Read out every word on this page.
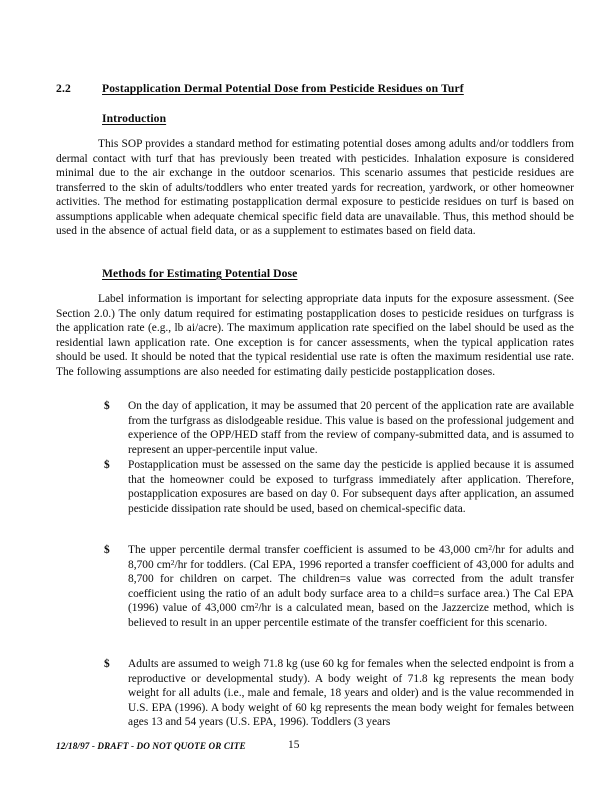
2.2	Postapplication Dermal Potential Dose from Pesticide Residues on Turf
Introduction
This SOP provides a standard method for estimating potential doses among adults and/or toddlers from dermal contact with turf that has previously been treated with pesticides. Inhalation exposure is considered minimal due to the air exchange in the outdoor scenarios. This scenario assumes that pesticide residues are transferred to the skin of adults/toddlers who enter treated yards for recreation, yardwork, or other homeowner activities. The method for estimating postapplication dermal exposure to pesticide residues on turf is based on assumptions applicable when adequate chemical specific field data are unavailable. Thus, this method should be used in the absence of actual field data, or as a supplement to estimates based on field data.
Methods for Estimating Potential Dose
Label information is important for selecting appropriate data inputs for the exposure assessment. (See Section 2.0.) The only datum required for estimating postapplication doses to pesticide residues on turfgrass is the application rate (e.g., lb ai/acre). The maximum application rate specified on the label should be used as the residential lawn application rate. One exception is for cancer assessments, when the typical application rates should be used. It should be noted that the typical residential use rate is often the maximum residential use rate. The following assumptions are also needed for estimating daily pesticide postapplication doses.
$	On the day of application, it may be assumed that 20 percent of the application rate are available from the turfgrass as dislodgeable residue. This value is based on the professional judgement and experience of the OPP/HED staff from the review of company-submitted data, and is assumed to represent an upper-percentile input value.
$	Postapplication must be assessed on the same day the pesticide is applied because it is assumed that the homeowner could be exposed to turfgrass immediately after application. Therefore, postapplication exposures are based on day 0. For subsequent days after application, an assumed pesticide dissipation rate should be used, based on chemical-specific data.
$	The upper percentile dermal transfer coefficient is assumed to be 43,000 $cm^2/hr$ for adults and 8,700 $cm^2/hr$ for toddlers. (Cal EPA, 1996 reported a transfer coefficient of 43,000 for adults and 8,700 for children on carpet. The children=s value was corrected from the adult transfer coefficient using the ratio of an adult body surface area to a child=s surface area.) The Cal EPA (1996) value of 43,000 $cm^2/hr$ is a calculated mean, based on the Jazzercize method, which is believed to result in an upper percentile estimate of the transfer coefficient for this scenario.
$	Adults are assumed to weigh 71.8 kg (use 60 kg for females when the selected endpoint is from a reproductive or developmental study). A body weight of 71.8 kg represents the mean body weight for all adults (i.e., male and female, 18 years and older) and is the value recommended in U.S. EPA (1996). A body weight of 60 kg represents the mean body weight for females between ages 13 and 54 years (U.S. EPA, 1996). Toddlers (3 years
12/18/97 - DRAFT - DO NOT QUOTE OR CITE	15
